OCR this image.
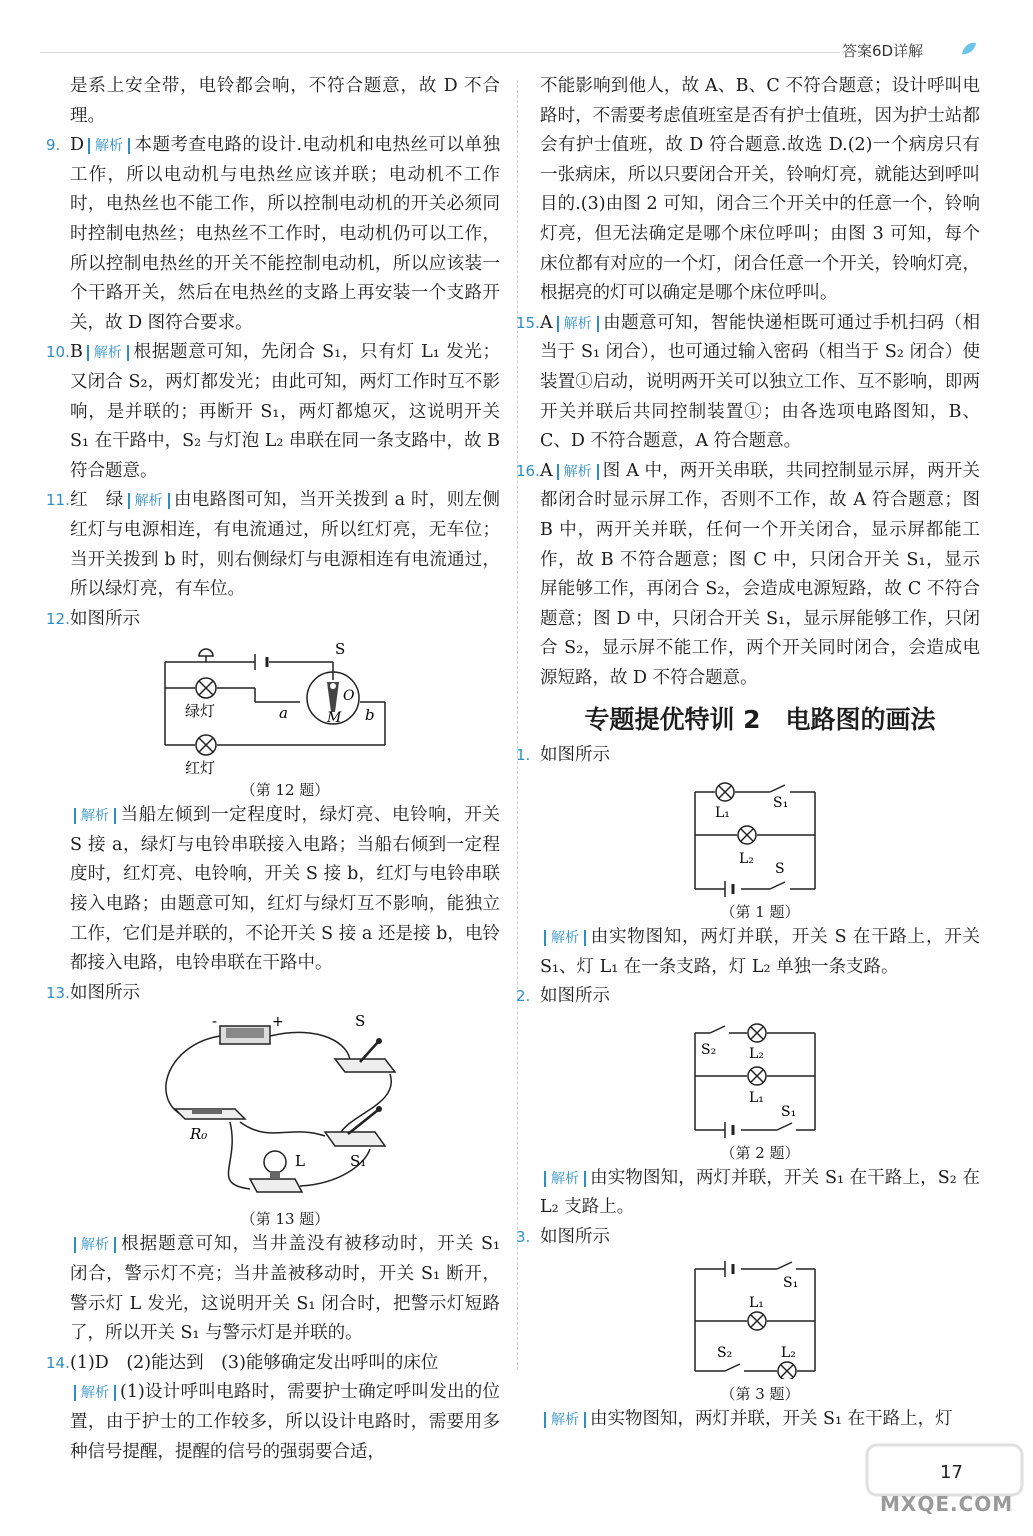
答案6D详解

是系上安全带，电铃都会响，不符合题意，故 D 不合理。

9. D 解析 本题考查电路的设计.电动机和电热丝可以单独工作，所以电动机与电热丝应该并联；电动机不工作时，电热丝也不能工作，所以控制电动机的开关必须同时控制电热丝；电热丝不工作时，电动机仍可以工作，所以控制电热丝的开关不能控制电动机，所以应该装一个干路开关，然后在电热丝的支路上再安装一个支路开关，故 D 图符合要求。

10. B 解析 根据题意可知，先闭合 S₁，只有灯 L₁ 发光；又闭合 S₂，两灯都发光；由此可知，两灯工作时互不影响，是并联的；再断开 S₁，两灯都熄灭，这说明开关 S₁ 在干路中，S₂ 与灯泡 L₂ 串联在同一条支路中，故 B 符合题意。

11. 红　绿 解析 由电路图可知，当开关拨到 a 时，则左侧红灯与电源相连，有电流通过，所以红灯亮，无车位；当开关拨到 b 时，则右侧绿灯与电源相连有电流通过，所以绿灯亮，有车位。

12. 如图所示

S
O
M
a	b
绿灯
红灯
（第 12 题）

解析 当船左倾到一定程度时，绿灯亮、电铃响，开关 S 接 a，绿灯与电铃串联接入电路；当船右倾到一定程度时，红灯亮、电铃响，开关 S 接 b，红灯与电铃串联接入电路；由题意可知，红灯与绿灯互不影响，能独立工作，它们是并联的，不论开关 S 接 a 还是接 b，电铃都接入电路，电铃串联在干路中。

13. 如图所示

-	+	S
R₀
S₁
L
（第 13 题）

解析 根据题意可知，当井盖没有被移动时，开关 S₁ 闭合，警示灯不亮；当井盖被移动时，开关 S₁ 断开，警示灯 L 发光，这说明开关 S₁ 闭合时，把警示灯短路了，所以开关 S₁ 与警示灯是并联的。

14. (1)D　(2)能达到　(3)能够确定发出呼叫的床位

解析 (1)设计呼叫电路时，需要护士确定呼叫发出的位置，由于护士的工作较多，所以设计电路时，需要用多种信号提醒，提醒的信号的强弱要合适，

不能影响到他人，故 A、B、C 不符合题意；设计呼叫电路时，不需要考虑值班室是否有护士值班，因为护士站都会有护士值班，故 D 符合题意.故选 D.(2)一个病房只有一张病床，所以只要闭合开关，铃响灯亮，就能达到呼叫目的.(3)由图 2 可知，闭合三个开关中的任意一个，铃响灯亮，但无法确定是哪个床位呼叫；由图 3 可知，每个床位都有对应的一个灯，闭合任意一个开关，铃响灯亮，根据亮的灯可以确定是哪个床位呼叫。

15. A 解析 由题意可知，智能快递柜既可通过手机扫码（相当于 S₁ 闭合），也可通过输入密码（相当于 S₂ 闭合）使装置①启动，说明两开关可以独立工作、互不影响，即两开关并联后共同控制装置①；由各选项电路图知，B、C、D 不符合题意，A 符合题意。

16. A 解析 图 A 中，两开关串联，共同控制显示屏，两开关都闭合时显示屏工作，否则不工作，故 A 符合题意；图 B 中，两开关并联，任何一个开关闭合，显示屏都能工作，故 B 不符合题意；图 C 中，只闭合开关 S₁，显示屏能够工作，再闭合 S₂，会造成电源短路，故 C 不符合题意；图 D 中，只闭合开关 S₁，显示屏能够工作，只闭合 S₂，显示屏不能工作，两个开关同时闭合，会造成电源短路，故 D 不符合题意。

专题提优特训 2　电路图的画法
1. 如图所示

L₁
S₁
L₂
S
（第 1 题）

解析 由实物图知，两灯并联，开关 S 在干路上，开关 S₁、灯 L₁ 在一条支路，灯 L₂ 单独一条支路。

2. 如图所示

S₂ L₂
L₁
S₁
（第 2 题）

解析 由实物图知，两灯并联，开关 S₁ 在干路上，S₂ 在 L₂ 支路上。

3. 如图所示

S₁
L₁
S₂	L₂
（第 3 题）

解析 由实物图知，两灯并联，开关 S₁ 在干路上，灯

17
MXQE.COM
